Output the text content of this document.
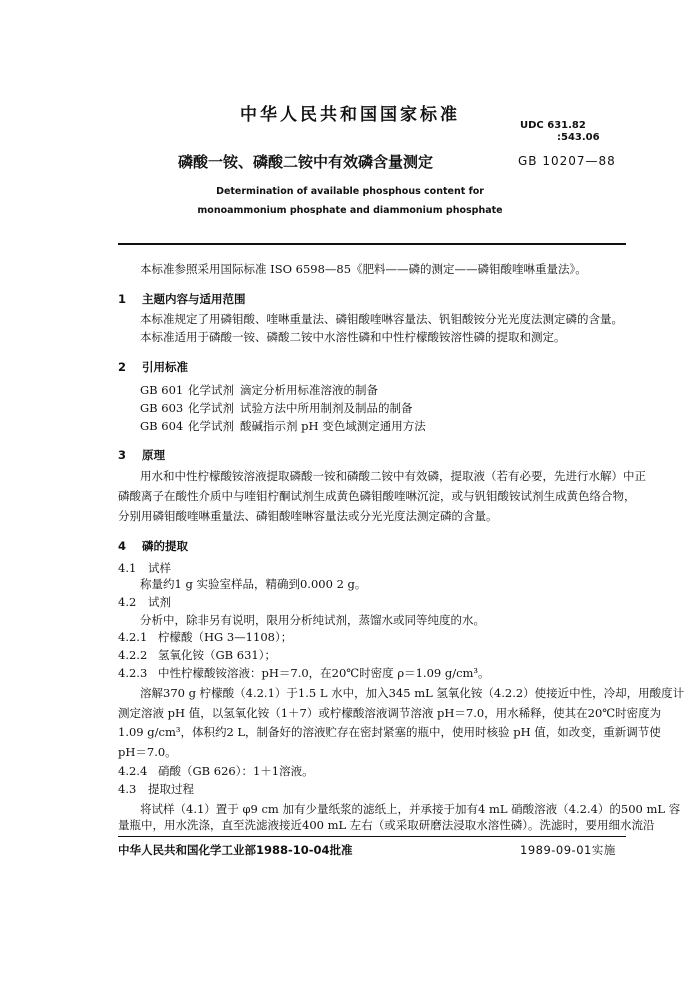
中华人民共和国国家标准
UDC 631.82
:543.06
磷酸一铵、磷酸二铵中有效磷含量测定	GB 10207—88
Determination of available phosphous content for
monoammonium phosphate and diammonium phosphate
本标准参照采用国际标准 ISO 6598—85《肥料——磷的测定——磷钼酸喹啉重量法》。
1 主题内容与适用范围
本标准规定了用磷钼酸、喹啉重量法、磷钼酸喹啉容量法、钒钼酸铵分光光度法测定磷的含量。
本标准适用于磷酸一铵、磷酸二铵中水溶性磷和中性柠檬酸铵溶性磷的提取和测定。
2 引用标准
GB 601 化学试剂 滴定分析用标准溶液的制备
GB 603 化学试剂 试验方法中所用制剂及制品的制备
GB 604 化学试剂 酸碱指示剂 pH 变色域测定通用方法
3 原理
用水和中性柠檬酸铵溶液提取磷酸一铵和磷酸二铵中有效磷，提取液（若有必要，先进行水解）中正
磷酸离子在酸性介质中与喹钼柠酮试剂生成黄色磷钼酸喹啉沉淀，或与钒钼酸铵试剂生成黄色络合物，
分别用磷钼酸喹啉重量法、磷钼酸喹啉容量法或分光光度法测定磷的含量。
4 磷的提取
4.1 试样
称量约1 g 实验室样品，精确到0.000 2 g。
4.2 试剂
分析中，除非另有说明，限用分析纯试剂，蒸馏水或同等纯度的水。
4.2.1 柠檬酸（HG 3—1108）；
4.2.2 氢氧化铵（GB 631）；
4.2.3 中性柠檬酸铵溶液：pH＝7.0，在20℃时密度 ρ＝1.09 g/cm³。
溶解370 g 柠檬酸（4.2.1）于1.5 L 水中，加入345 mL 氢氧化铵（4.2.2）使接近中性，冷却，用酸度计
测定溶液 pH 值，以氢氧化铵（1＋7）或柠檬酸溶液调节溶液 pH＝7.0，用水稀释，使其在20℃时密度为
1.09 g/cm³，体积约2 L，制备好的溶液贮存在密封紧塞的瓶中，使用时核验 pH 值，如改变，重新调节使
pH＝7.0。
4.2.4 硝酸（GB 626）：1＋1溶液。
4.3 提取过程
将试样（4.1）置于 φ9 cm 加有少量纸浆的滤纸上，并承接于加有4 mL 硝酸溶液（4.2.4）的500 mL 容
量瓶中，用水洗涤，直至洗滤液接近400 mL 左右（或采取研磨法浸取水溶性磷）。洗滤时，要用细水流沿
中华人民共和国化学工业部1988-10-04批准	1989-09-01实施
